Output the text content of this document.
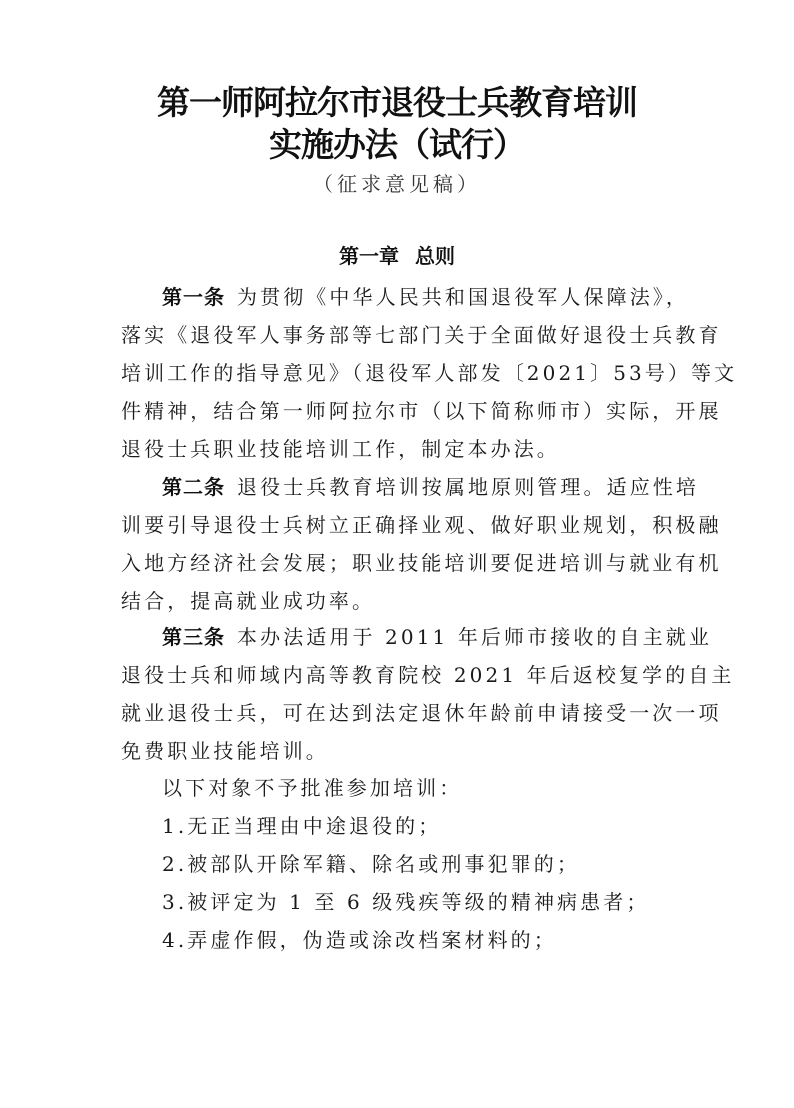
第一师阿拉尔市退役士兵教育培训
实施办法（试行）
（征求意见稿）
第一章 总则
第一条 为贯彻《中华人民共和国退役军人保障法》，
落实《退役军人事务部等七部门关于全面做好退役士兵教育
培训工作的指导意见》（退役军人部发〔2021〕53号）等文
件精神，结合第一师阿拉尔市（以下简称师市）实际，开展
退役士兵职业技能培训工作，制定本办法。
第二条 退役士兵教育培训按属地原则管理。适应性培
训要引导退役士兵树立正确择业观、做好职业规划，积极融
入地方经济社会发展；职业技能培训要促进培训与就业有机
结合，提高就业成功率。
第三条 本办法适用于 2011 年后师市接收的自主就业
退役士兵和师域内高等教育院校 2021 年后返校复学的自主
就业退役士兵，可在达到法定退休年龄前申请接受一次一项
免费职业技能培训。
以下对象不予批准参加培训：
1.无正当理由中途退役的；
2.被部队开除军籍、除名或刑事犯罪的；
3.被评定为 1 至 6 级残疾等级的精神病患者；
4.弄虚作假，伪造或涂改档案材料的；
